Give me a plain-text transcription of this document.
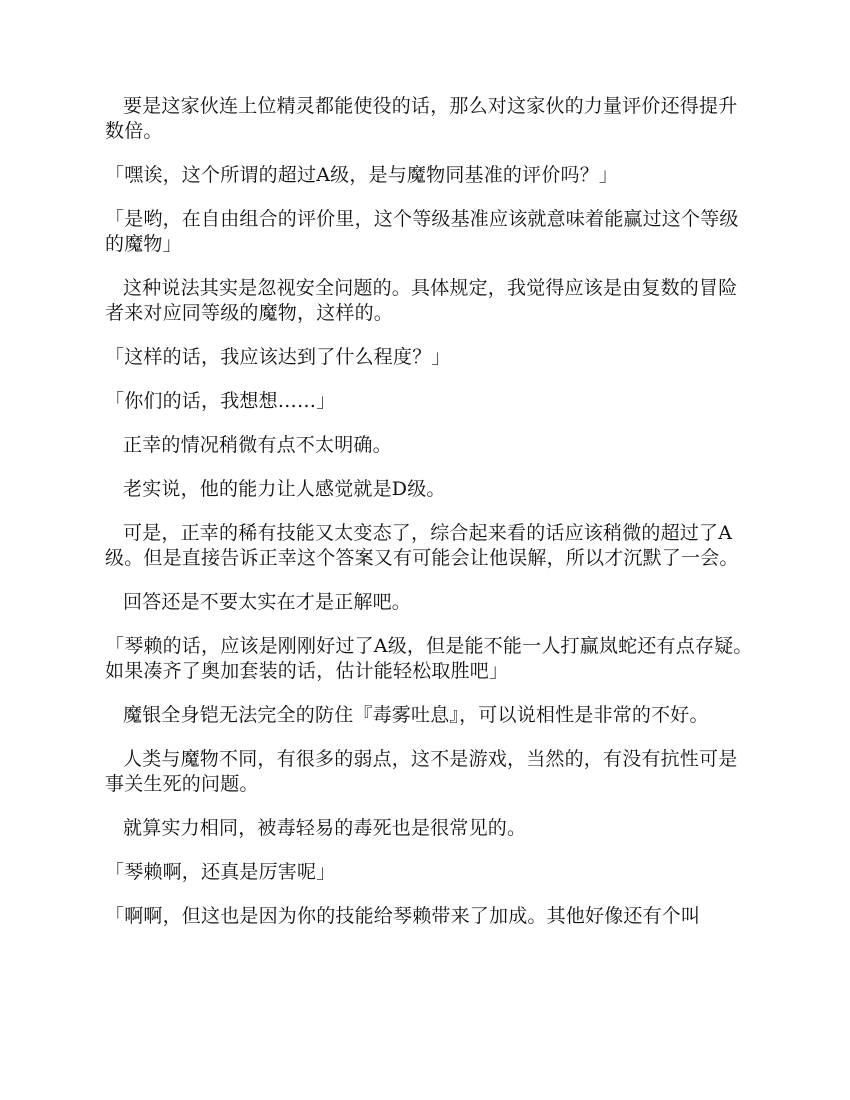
要是这家伙连上位精灵都能使役的话，那么对这家伙的力量评价还得提升数倍。

「嘿诶，这个所谓的超过A级，是与魔物同基准的评价吗？」

「是哟，在自由组合的评价里，这个等级基准应该就意味着能赢过这个等级的魔物」

这种说法其实是忽视安全问题的。具体规定，我觉得应该是由复数的冒险者来对应同等级的魔物，这样的。

「这样的话，我应该达到了什么程度？」

「你们的话，我想想……」

正幸的情况稍微有点不太明确。

老实说，他的能力让人感觉就是D级。

可是，正幸的稀有技能又太变态了，综合起来看的话应该稍微的超过了A级。但是直接告诉正幸这个答案又有可能会让他误解，所以才沉默了一会。

回答还是不要太实在才是正解吧。

「琴赖的话，应该是刚刚好过了A级，但是能不能一人打赢岚蛇还有点存疑。如果凑齐了奥加套装的话，估计能轻松取胜吧」

魔银全身铠无法完全的防住『毒雾吐息』，可以说相性是非常的不好。

人类与魔物不同，有很多的弱点，这不是游戏，当然的，有没有抗性可是事关生死的问题。

就算实力相同，被毒轻易的毒死也是很常见的。

「琴赖啊，还真是厉害呢」

「啊啊，但这也是因为你的技能给琴赖带来了加成。其他好像还有个叫
